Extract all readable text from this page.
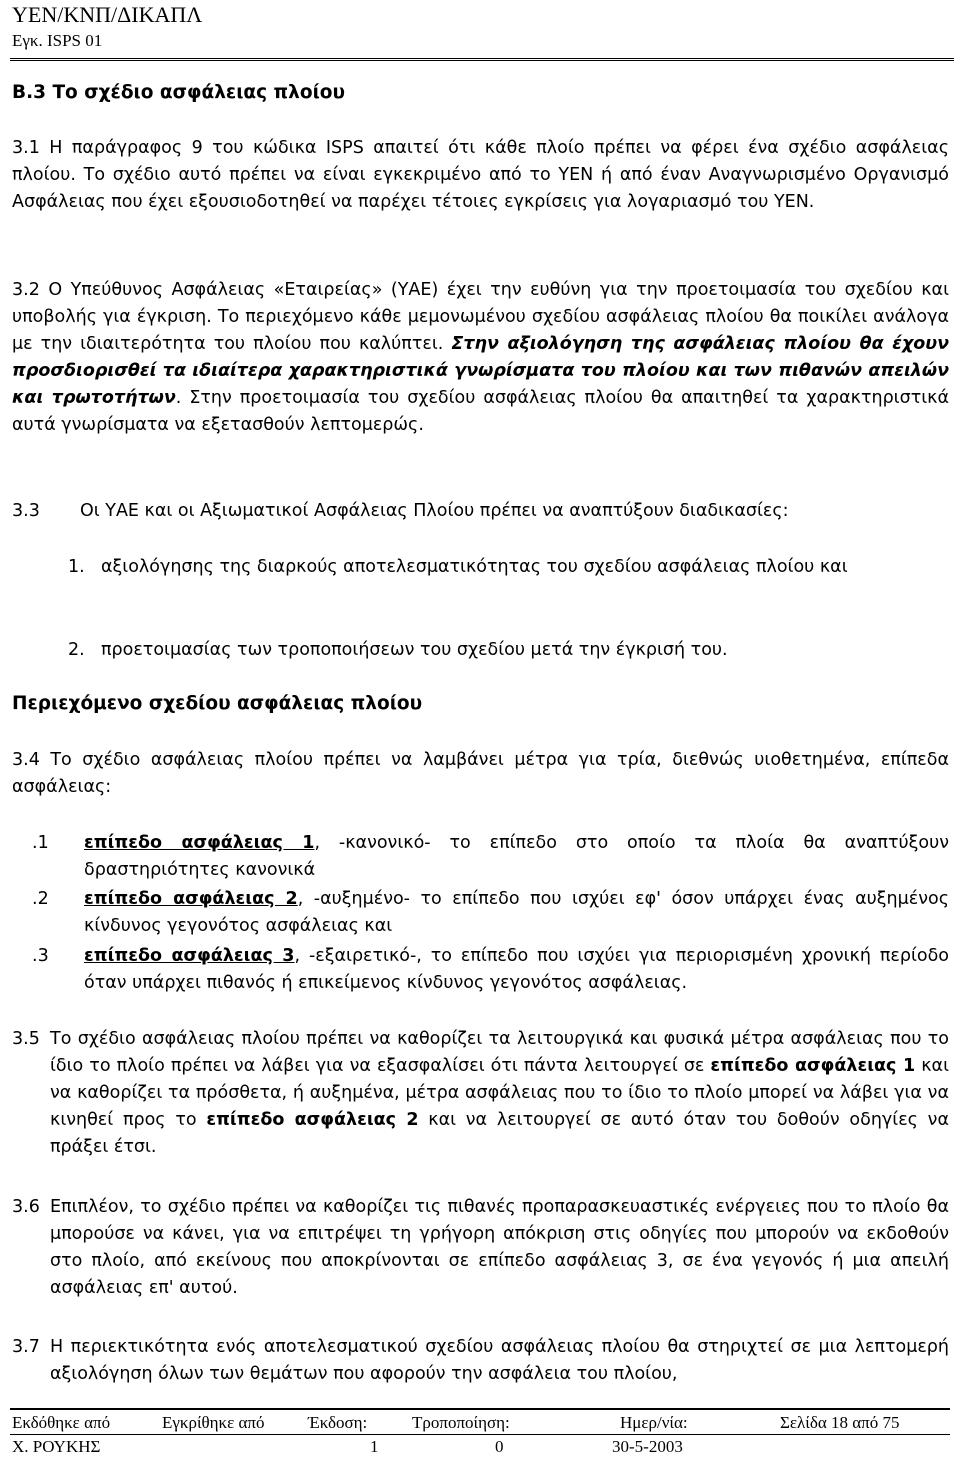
ΥΕΝ/ΚΝΠ/ΔΙΚΑΠΛ
Εγκ. ISPS 01
Β.3 Το σχέδιο ασφάλειας πλοίου
3.1 Η παράγραφος 9 του κώδικα ISPS απαιτεί ότι κάθε πλοίο πρέπει να φέρει ένα σχέδιο ασφάλειας πλοίου. Το σχέδιο αυτό πρέπει να είναι εγκεκριμένο από το ΥΕΝ ή από έναν Αναγνωρισμένο Οργανισμό Ασφάλειας που έχει εξουσιοδοτηθεί να παρέχει τέτοιες εγκρίσεις για λογαριασμό του ΥΕΝ.
3.2 Ο Υπεύθυνος Ασφάλειας «Εταιρείας» (ΥΑΕ) έχει την ευθύνη για την προετοιμασία του σχεδίου και υποβολής για έγκριση. Το περιεχόμενο κάθε μεμονωμένου σχεδίου ασφάλειας πλοίου θα ποικίλει ανάλογα με την ιδιαιτερότητα του πλοίου που καλύπτει. Στην αξιολόγηση της ασφάλειας πλοίου θα έχουν προσδιορισθεί τα ιδιαίτερα χαρακτηριστικά γνωρίσματα του πλοίου και των πιθανών απειλών και τρωτοτήτων. Στην προετοιμασία του σχεδίου ασφάλειας πλοίου θα απαιτηθεί τα χαρακτηριστικά αυτά γνωρίσματα να εξετασθούν λεπτομερώς.
3.3	Οι ΥΑΕ και οι Αξιωματικοί Ασφάλειας Πλοίου πρέπει να αναπτύξουν διαδικασίες:
1. αξιολόγησης της διαρκούς αποτελεσματικότητας του σχεδίου ασφάλειας πλοίου και
2. προετοιμασίας των τροποποιήσεων του σχεδίου μετά την έγκρισή του.
Περιεχόμενο σχεδίου ασφάλειας πλοίου
3.4 Το σχέδιο ασφάλειας πλοίου πρέπει να λαμβάνει μέτρα για τρία, διεθνώς υιοθετημένα, επίπεδα ασφάλειας:
.1	επίπεδο ασφάλειας 1, -κανονικό- το επίπεδο στο οποίο τα πλοία θα αναπτύξουν δραστηριότητες κανονικά
.2	επίπεδο ασφάλειας 2, -αυξημένο- το επίπεδο που ισχύει εφ' όσον υπάρχει ένας αυξημένος κίνδυνος γεγονότος ασφάλειας και
.3	επίπεδο ασφάλειας 3, -εξαιρετικό-, το επίπεδο που ισχύει για περιορισμένη χρονική περίοδο όταν υπάρχει πιθανός ή επικείμενος κίνδυνος γεγονότος ασφάλειας.
3.5 Το σχέδιο ασφάλειας πλοίου πρέπει να καθορίζει τα λειτουργικά και φυσικά μέτρα ασφάλειας που το ίδιο το πλοίο πρέπει να λάβει για να εξασφαλίσει ότι πάντα λειτουργεί σε επίπεδο ασφάλειας 1 και να καθορίζει τα πρόσθετα, ή αυξημένα, μέτρα ασφάλειας που το ίδιο το πλοίο μπορεί να λάβει για να κινηθεί προς το επίπεδο ασφάλειας 2 και να λειτουργεί σε αυτό όταν του δοθούν οδηγίες να πράξει έτσι.
3.6 Επιπλέον, το σχέδιο πρέπει να καθορίζει τις πιθανές προπαρασκευαστικές ενέργειες που το πλοίο θα μπορούσε να κάνει, για να επιτρέψει τη γρήγορη απόκριση στις οδηγίες που μπορούν να εκδοθούν στο πλοίο, από εκείνους που αποκρίνονται σε επίπεδο ασφάλειας 3, σε ένα γεγονός ή μια απειλή ασφάλειας επ' αυτού.
3.7 Η περιεκτικότητα ενός αποτελεσματικού σχεδίου ασφάλειας πλοίου θα στηριχτεί σε μια λεπτομερή αξιολόγηση όλων των θεμάτων που αφορούν την ασφάλεια του πλοίου,
Εκδόθηκε από	Εγκρίθηκε από	Έκδοση:	Τροποποίηση:	Ημερ/νία:	Σελίδα 18 από 75
Χ. ΡΟΥΚΗΣ	1	0	30-5-2003
